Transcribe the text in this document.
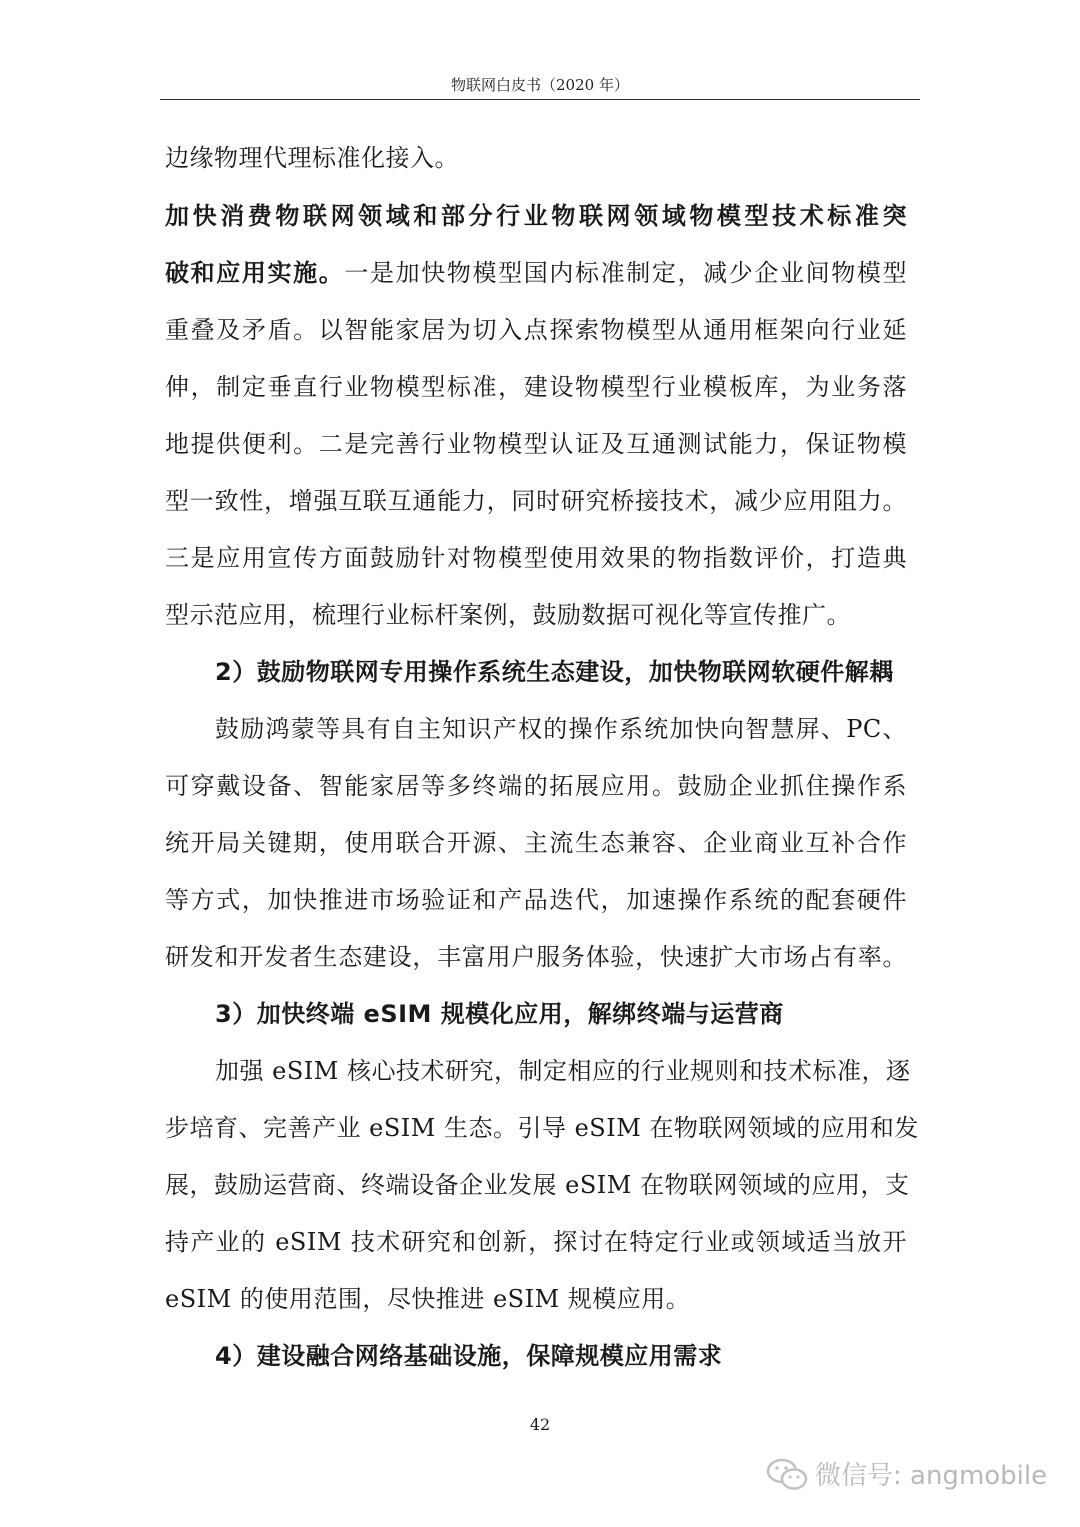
物联网白皮书（2020 年）
边缘物理代理标准化接入。
加快消费物联网领域和部分行业物联网领域物模型技术标准突
破和应用实施。一是加快物模型国内标准制定，减少企业间物模型
重叠及矛盾。以智能家居为切入点探索物模型从通用框架向行业延
伸，制定垂直行业物模型标准，建设物模型行业模板库，为业务落
地提供便利。二是完善行业物模型认证及互通测试能力，保证物模
型一致性，增强互联互通能力，同时研究桥接技术，减少应用阻力。
三是应用宣传方面鼓励针对物模型使用效果的物指数评价，打造典
型示范应用，梳理行业标杆案例，鼓励数据可视化等宣传推广。
2）鼓励物联网专用操作系统生态建设，加快物联网软硬件解耦
鼓励鸿蒙等具有自主知识产权的操作系统加快向智慧屏、PC、
可穿戴设备、智能家居等多终端的拓展应用。鼓励企业抓住操作系
统开局关键期，使用联合开源、主流生态兼容、企业商业互补合作
等方式，加快推进市场验证和产品迭代，加速操作系统的配套硬件
研发和开发者生态建设，丰富用户服务体验，快速扩大市场占有率。
3）加快终端 eSIM 规模化应用，解绑终端与运营商
加强 eSIM 核心技术研究，制定相应的行业规则和技术标准，逐
步培育、完善产业 eSIM 生态。引导 eSIM 在物联网领域的应用和发
展，鼓励运营商、终端设备企业发展 eSIM 在物联网领域的应用，支
持产业的 eSIM 技术研究和创新，探讨在特定行业或领域适当放开
eSIM 的使用范围，尽快推进 eSIM 规模应用。
4）建设融合网络基础设施，保障规模应用需求
42
微信号: angmobile
